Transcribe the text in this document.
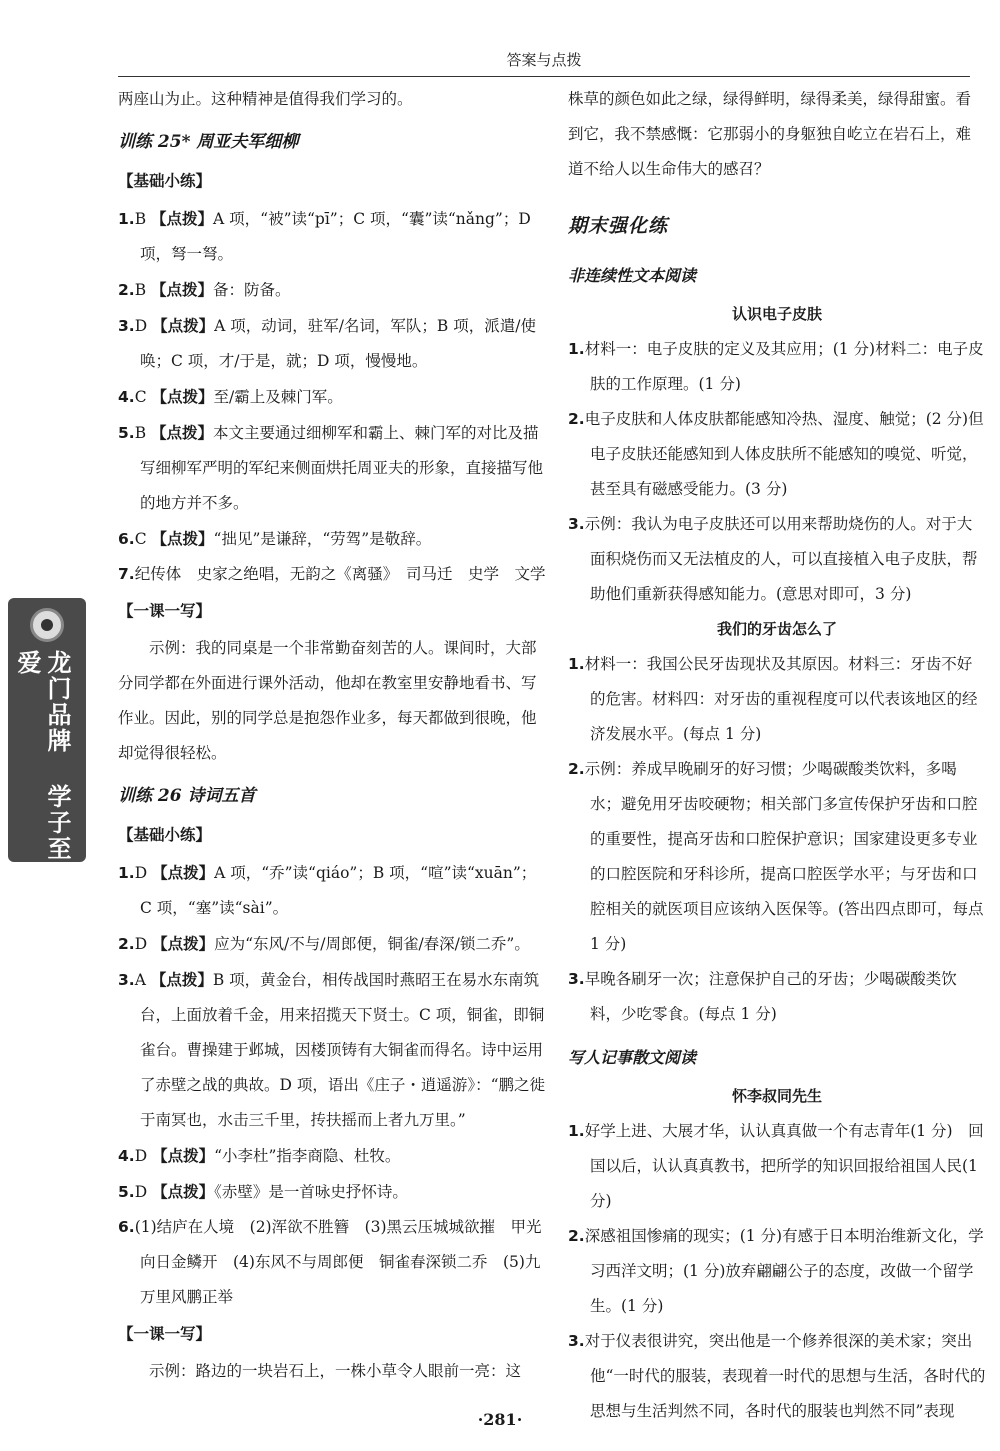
答案与点拨
龙门品牌 学子至爱

两座山为止。这种精神是值得我们学习的。

训练 25* 周亚夫军细柳
【基础小练】

1.B 【点拨】A 项，“被”读“pī”；C 项，“囊”读“nǎng”；D 项，弩一弩。

2.B 【点拨】备：防备。

3.D 【点拨】A 项，动词，驻军/名词，军队；B 项，派遣/使唤；C 项，才/于是，就；D 项，慢慢地。

4.C 【点拨】至/霸上及棘门军。

5.B 【点拨】本文主要通过细柳军和霸上、棘门军的对比及描写细柳军严明的军纪来侧面烘托周亚夫的形象，直接描写他的地方并不多。

6.C 【点拨】“拙见”是谦辞，“劳驾”是敬辞。

7.纪传体　史家之绝唱，无韵之《离骚》　司马迁　史学　文学

【一课一写】

示例：我的同桌是一个非常勤奋刻苦的人。课间时，大部分同学都在外面进行课外活动，他却在教室里安静地看书、写作业。因此，别的同学总是抱怨作业多，每天都做到很晚，他却觉得很轻松。

训练 26 诗词五首
【基础小练】

1.D 【点拨】A 项，“乔”读“qiáo”；B 项，“喧”读“xuān”；C 项，“塞”读“sài”。

2.D 【点拨】应为“东风/不与/周郎便，铜雀/春深/锁二乔”。

3.A 【点拨】B 项，黄金台，相传战国时燕昭王在易水东南筑台，上面放着千金，用来招揽天下贤士。C 项，铜雀，即铜雀台。曹操建于邺城，因楼顶铸有大铜雀而得名。诗中运用了赤壁之战的典故。D 项，语出《庄子・逍遥游》：“鹏之徙于南冥也，水击三千里，抟扶摇而上者九万里。”

4.D 【点拨】“小李杜”指李商隐、杜牧。

5.D 【点拨】《赤壁》是一首咏史抒怀诗。

6.(1)结庐在人境　(2)浑欲不胜簪　(3)黑云压城城欲摧　甲光向日金鳞开　(4)东风不与周郎便　铜雀春深锁二乔　(5)九万里风鹏正举

【一课一写】

示例：路边的一块岩石上，一株小草令人眼前一亮：这

株草的颜色如此之绿，绿得鲜明，绿得柔美，绿得甜蜜。看到它，我不禁感慨：它那弱小的身躯独自屹立在岩石上，难道不给人以生命伟大的感召？

期末强化练
非连续性文本阅读

认识电子皮肤

1.材料一：电子皮肤的定义及其应用；(1 分)材料二：电子皮肤的工作原理。(1 分)

2.电子皮肤和人体皮肤都能感知冷热、湿度、触觉；(2 分)但电子皮肤还能感知到人体皮肤所不能感知的嗅觉、听觉，甚至具有磁感受能力。(3 分)

3.示例：我认为电子皮肤还可以用来帮助烧伤的人。对于大面积烧伤而又无法植皮的人，可以直接植入电子皮肤，帮助他们重新获得感知能力。(意思对即可，3 分)

我们的牙齿怎么了

1.材料一：我国公民牙齿现状及其原因。材料三：牙齿不好的危害。材料四：对牙齿的重视程度可以代表该地区的经济发展水平。(每点 1 分)

2.示例：养成早晚刷牙的好习惯；少喝碳酸类饮料，多喝水；避免用牙齿咬硬物；相关部门多宣传保护牙齿和口腔的重要性，提高牙齿和口腔保护意识；国家建设更多专业的口腔医院和牙科诊所，提高口腔医学水平；与牙齿和口腔相关的就医项目应该纳入医保等。(答出四点即可，每点 1 分)

3.早晚各刷牙一次；注意保护自己的牙齿；少喝碳酸类饮料，少吃零食。(每点 1 分)

写人记事散文阅读

怀李叔同先生

1.好学上进、大展才华，认认真真做一个有志青年(1 分)　回国以后，认认真真教书，把所学的知识回报给祖国人民(1 分)

2.深感祖国惨痛的现实；(1 分)有感于日本明治维新文化，学习西洋文明；(1 分)放弃翩翩公子的态度，改做一个留学生。(1 分)

3.对于仪表很讲究，突出他是一个修养很深的美术家；突出他“一时代的服装，表现着一时代的思想与生活，各时代的思想与生活判然不同，各时代的服装也判然不同”表现

·281·
